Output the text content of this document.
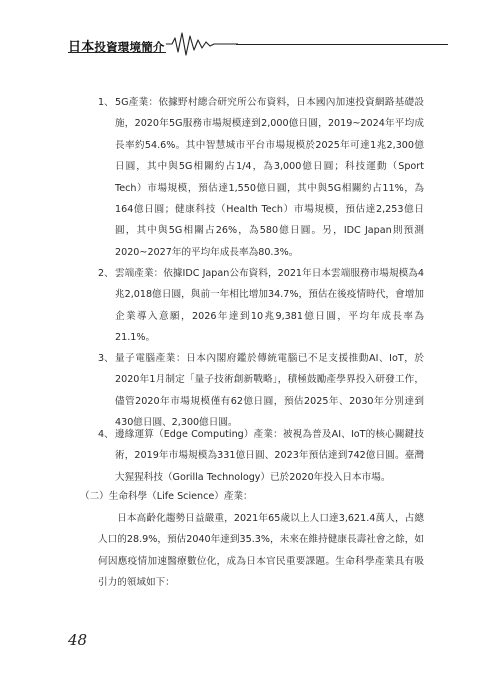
日本投資環境簡介
1、 5G產業：依據野村總合研究所公布資料，日本國內加速投資網路基礎設施，2020年5G服務市場規模達到2,000億日圓，2019~2024年平均成長率約54.6%。其中智慧城市平台市場規模於2025年可達1兆2,300億日圓，其中與5G相關約占1/4，為3,000億日圓；科技運動（Sport Tech）市場規模，預估達1,550億日圓，其中與5G相關約占11%，為164億日圓；健康科技（Health Tech）市場規模，預估達2,253億日圓，其中與5G相關占26%，為580億日圓。另，IDC Japan則預測2020~2027年的平均年成長率為80.3%。
2、 雲端產業：依據IDC Japan公布資料，2021年日本雲端服務市場規模為4兆2,018億日圓，與前一年相比增加34.7%，預估在後疫情時代，會增加企業導入意願，2026年達到10兆9,381億日圓，平均年成長率為21.1%。
3、 量子電腦產業：日本內閣府鑑於傳統電腦已不足支援推動AI、IoT，於2020年1月制定「量子技術創新戰略」，積極鼓勵產學界投入研發工作，儘管2020年市場規模僅有62億日圓，預估2025年、2030年分別達到430億日圓、2,300億日圓。
4、 邊緣運算（Edge Computing）產業：被視為普及AI、IoT的核心關鍵技術，2019年市場規模為331億日圓、2023年預估達到742億日圓。臺灣大猩猩科技（Gorilla Technology）已於2020年投入日本市場。
（二）生命科學（Life Science）產業：
日本高齡化趨勢日益嚴重，2021年65歲以上人口達3,621.4萬人，占總人口的28.9%，預估2040年達到35.3%，未來在維持健康長壽社會之餘，如何因應疫情加速醫療數位化，成為日本官民重要課題。生命科學產業具有吸引力的領域如下：
48
